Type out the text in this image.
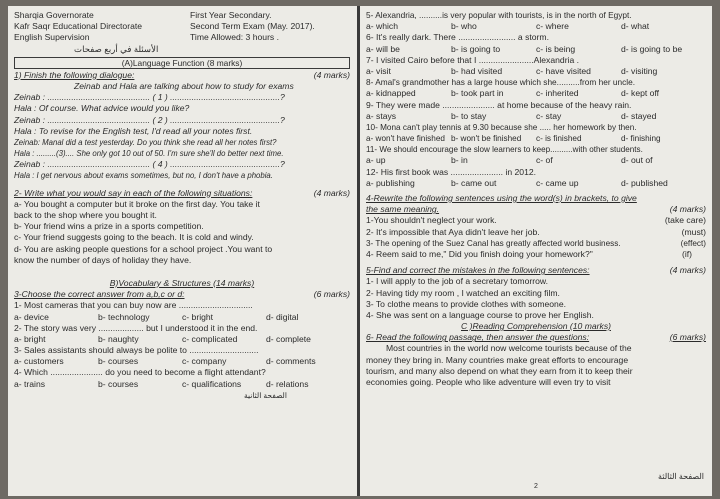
Sharqia Governorate
Kafr Saqr Educational Directorate
English Supervision
First Year Secondary.
Second Term Exam (May. 2017).
Time Allowed: 3 hours .
الأسئلة في أربع صفحات
(A)Language Function (8 marks)
1) Finish the following dialogue:	(4 marks)
Zeinab and Hala are talking about how to study for exams
Zeinab : ........................................... ( 1 ) ..............................................?
Hala : Of course. What advice would you like?
Zeinab : ........................................... ( 2 ) ..............................................?
Hala : To revise for the English test, I'd read all your notes first.
Zeinab: Manal did a test yesterday. Do you think she read all her notes first?
Hala : .........(3).... She only got 10 out of 50. I'm sure she'll do better next time.
Zeinab : ........................................... ( 4 ) ..............................................?
Hala : I get nervous about exams sometimes, but no, I don't have a phobia.
2- Write what you would say in each of the following situations:	(4 marks)
a- You bought a computer but it broke on the first day. You take it
back to the shop where you bought it.
b- Your friend wins a prize in a sports competition.
c- Your friend suggests going to the beach. It is cold and windy.
d- You are asking people questions for a school project .You want to
know the number of days of holiday they have.
B)Vocabulary & Structures (14 marks)
3-Choose the correct answer from a,b,c or d:	(6 marks)
1- Most cameras that you can buy now are ...............................
a- device	b- technology	c- bright	d- digital
2- The story was very ................... but I understood it in the end.
a- bright	b- naughty	c- complicated	d- complete
3- Sales assistants should always be polite to .............................
a- customers	b- courses	c- company	d- comments
4- Which ...................... do you need to become a flight attendant?
a- trains	b- courses	c- qualifications	d- relations
الصفحة الثانية
5- Alexandria, ..........is very popular with tourists, is in the north of Egypt.
a- which	b- who	c- where	d- what
6- It's really dark. There ........................ a storm.
a- will be	b- is going to	c- is being	d- is going to be
7- I visited Cairo before that I .......................Alexandria .
a- visit	b- had visited	c- have visited	d- visiting
8- Amal's grandmother has a large house which she..........from her uncle.
a- kidnapped	b- took part in	c- inherited	d- kept off
9- They were made ...................... at home because of the heavy rain.
a- stays	b- to stay	c- stay	d- stayed
10- Mona can't play tennis at 9.30 because she ..... her homework by then.
a- won't have finished b- won't be finished	c- is finished	d- finishing
11- We should encourage the slow learners to keep..........with other students.
a- up	b- in	c- of	d- out of
12- His first book was ...................... in 2012.
a- publishing	b- came out	c- came up	d- published
4-Rewrite the following sentences using the word(s) in brackets, to give
the same meaning.	(4 marks)
1-You shouldn't neglect your work.	(take care)
2- It's impossible that Aya didn't leave her job.	(must)
3- The opening of the Suez Canal has greatly affected world business.	(effect)
4- Reem said to me," Did you finish doing your homework?"	(if)
5-Find and correct the mistakes in the following sentences:	(4 marks)
1- I will apply to the job of a secretary tomorrow.
2- Having tidy my room , I watched an exciting film.
3- To clothe means to provide clothes with someone.
4- She was sent on a language course to prove her English.
C )Reading Comprehension (10 marks)
6- Read the following passage, then answer the questions:	(6 marks)
Most countries in the world now welcome tourists because of the
money they bring in. Many countries make great efforts to encourage
tourism, and many also depend on what they earn from it to keep their
economies going. People who like adventure will even try to visit
2
الصفحة الثالثة
